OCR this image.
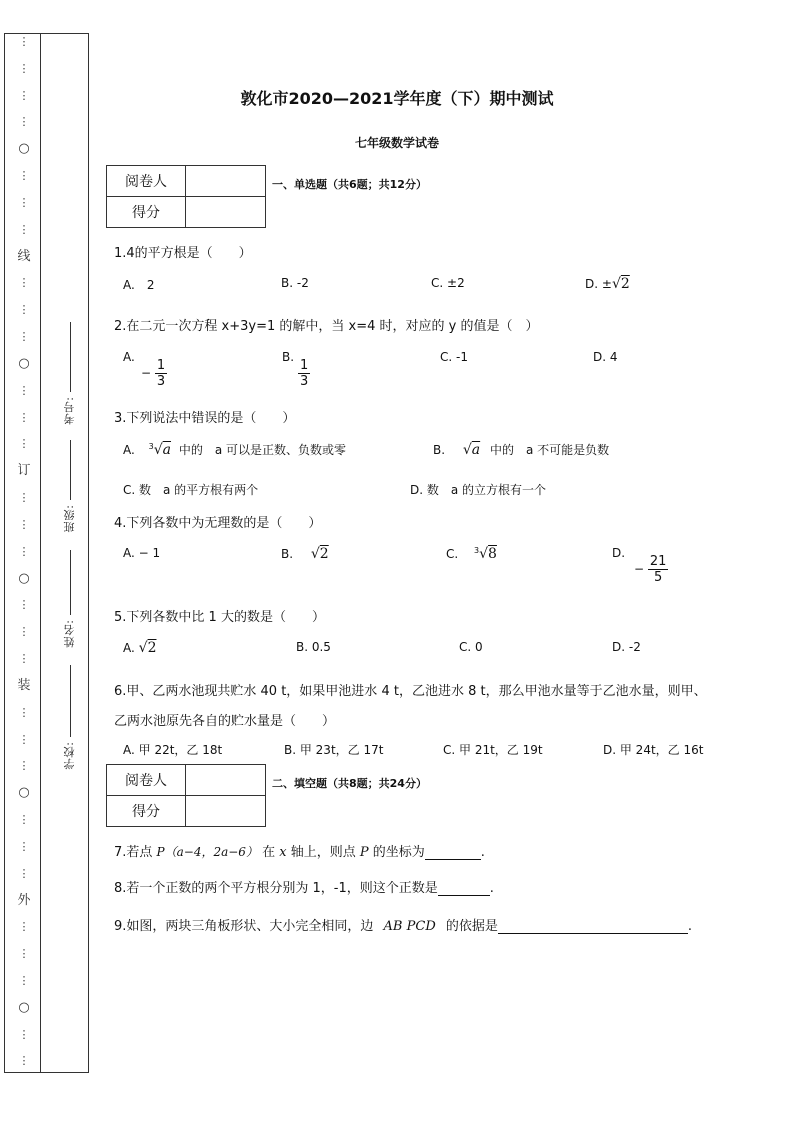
⋮
⋮
⋮
⋮
○
⋮
⋮
⋮
线
⋮
⋮
⋮
○
⋮
⋮
⋮
订
⋮
⋮
⋮
○
⋮
⋮
⋮
装
⋮
⋮
⋮
○
⋮
⋮
⋮
外
⋮
⋮
⋮
○
⋮
⋮
考号:
班级:
姓名:
学校:
敦化市2020—2021学年度（下）期中测试
七年级数学试卷
阅卷人	
得分	
一、单选题（共6题；共12分）
1.4的平方根是（　　）
A.　2	B. -2	C. ±2	D. ±√2
2.在二元一次方程 x+3y=1 的解中，当 x=4 时，对应的 y 的值是（　）
A.
− $\frac{1}{3}$
B.

$\frac{1}{3}$
C. -1	D. 4
3.下列说法中错误的是（　　）
A. $^3$√a 中的　a 可以是正数、负数或零	B. √a 中的　a 不可能是负数
C. 数　a 的平方根有两个	D. 数　a 的立方根有一个
4.下列各数中为无理数的是（　　）
A. − 1	B. √2	C. $^3$√8	D.
− $\frac{21}{5}$
5.下列各数中比 1 大的数是（　　）
A. √2	B. 0.5	C. 0	D. -2
6.甲、乙两水池现共贮水 40 t，如果甲池进水 4 t，乙池进水 8 t，那么甲池水量等于乙池水量，则甲、
乙两水池原先各自的贮水量是（　　）
A. 甲 22t，乙 18t	B. 甲 23t，乙 17t	C. 甲 21t，乙 19t	D. 甲 24t，乙 16t
阅卷人	
得分	
二、填空题（共8题；共24分）
7.若点 P（a−4，2a−6） 在 x 轴上，则点 P 的坐标为	.
8.若一个正数的两个平方根分别为 1，-1，则这个正数是	.
9.如图，两块三角板形状、大小完全相同，边 AB PCD 的依据是	.
